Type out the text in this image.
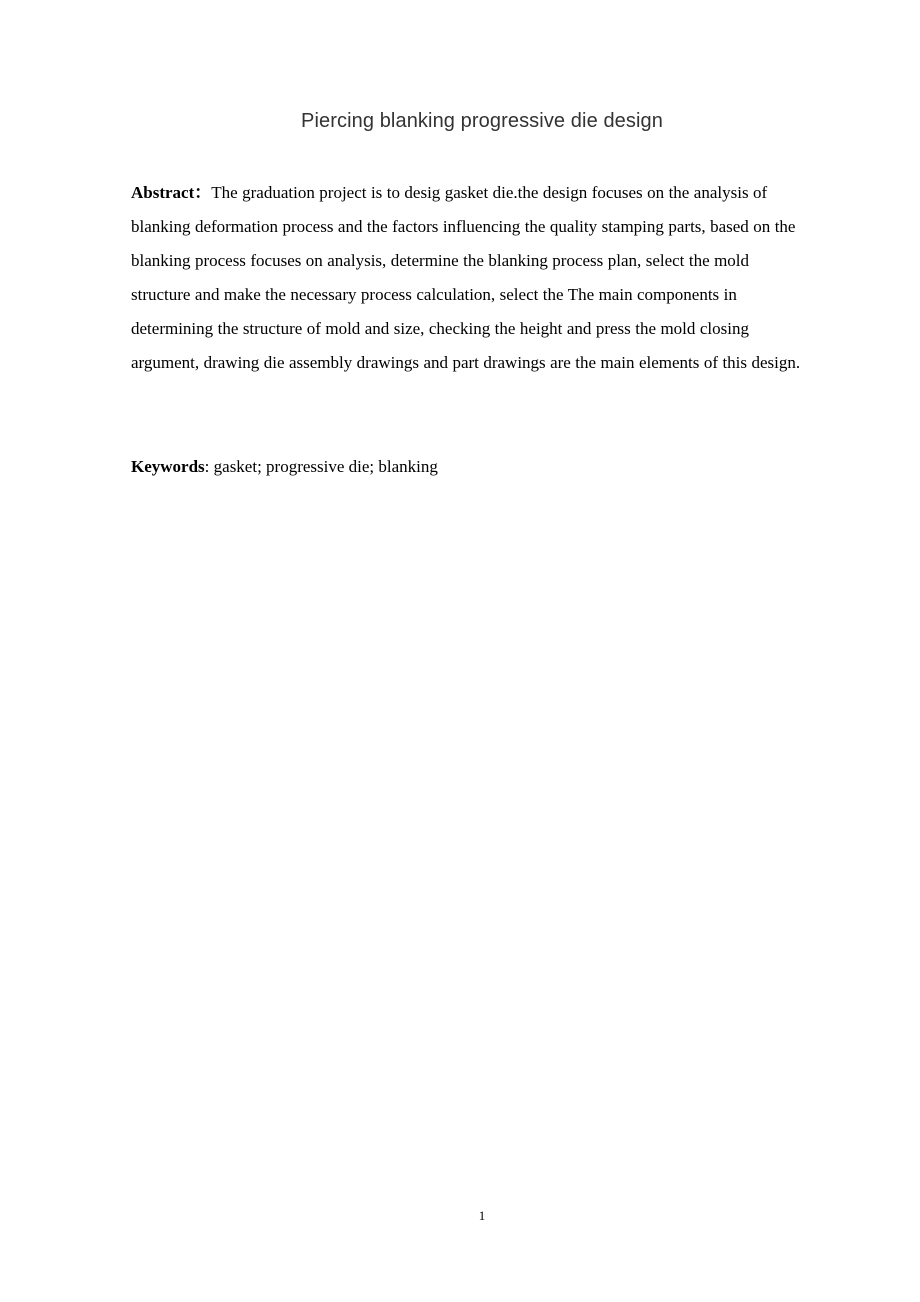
Piercing blanking progressive die design

Abstract：The graduation project is to desig gasket die.the design focuses on the analysis of blanking deformation process and the factors influencing the quality stamping parts, based on the blanking process focuses on analysis, determine the blanking process plan, select the mold structure and make the necessary process calculation, select the The main components in determining the structure of mold and size, checking the height and press the mold closing argument, drawing die assembly drawings and part drawings are the main elements of this design.

Keywords: gasket; progressive die; blanking

1
